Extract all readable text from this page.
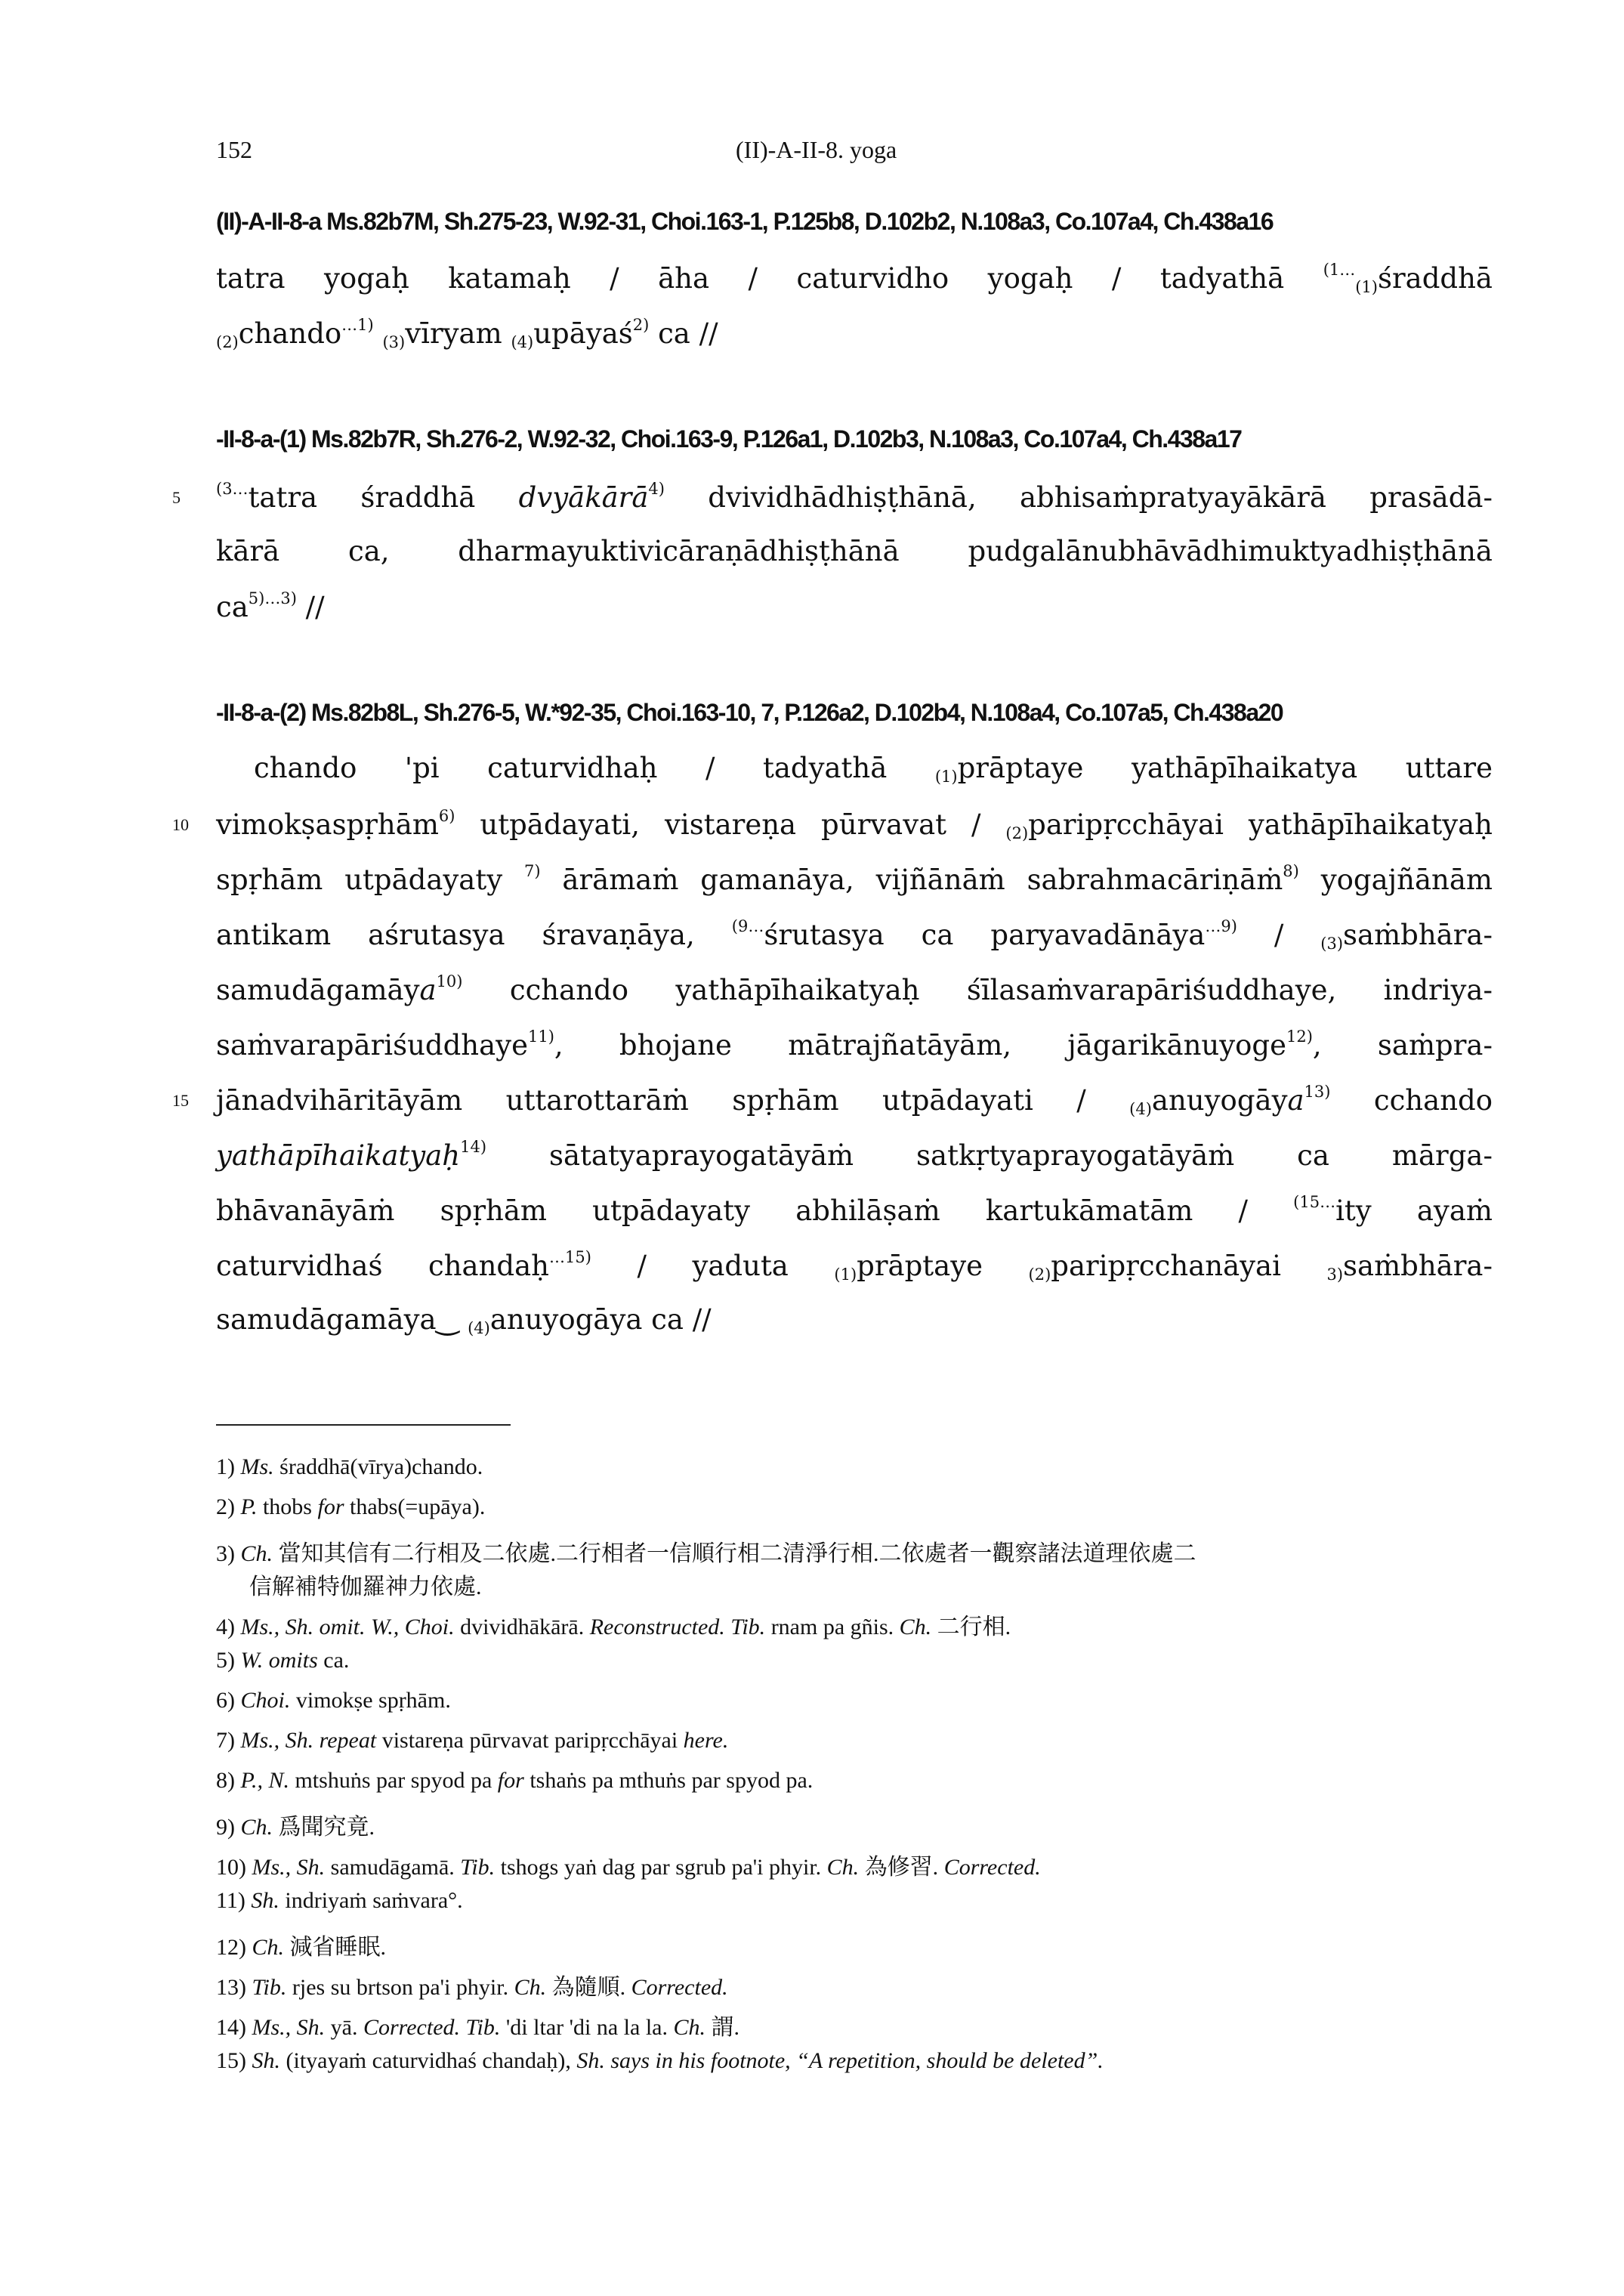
152	(II)-A-II-8. yoga
(II)-A-II-8-a Ms.82b7M, Sh.275-23, W.92-31, Choi.163-1, P.125b8, D.102b2, N.108a3, Co.107a4, Ch.438a16
tatra yogaḥ katamaḥ / āha / caturvidho yogaḥ / tadyathā $^{(1\dots}_{(1)}$śraddhā
$_{(2)}$chando$^{\dots 1)}$ $_{(3)}$vīryam $_{(4)}$upāyaś$^{2)}$ ca //
-II-8-a-(1) Ms.82b7R, Sh.276-2, W.92-32, Choi.163-9, P.126a1, D.102b3, N.108a3, Co.107a4, Ch.438a17
5 $^{(3\dots}$tatra śraddhā dvyākārā$^{4)}$ dvividhādhiṣṭhānā, abhisaṁpratyayākārā prasādā-
kārā ca, dharmayuktivicāraṇādhiṣṭhānā pudgalānubhāvādhimuktyadhiṣṭhānā
$ca^{5)\dots 3)}$ //
-II-8-a-(2) Ms.82b8L, Sh.276-5, W.*92-35, Choi.163-10, 7, P.126a2, D.102b4, N.108a4, Co.107a5, Ch.438a20
chando 'pi caturvidhaḥ / tadyathā $_{(1)}$prāptaye yathāpīhaikatya uttare
10 vimokṣaspṛhām$^{6)}$ utpādayati, vistareṇa pūrvavat / $_{(2)}$paripṛcchāyai yathāpīhaikatyaḥ
spṛhām utpādayaty $^{7)}$ ārāmaṁ gamanāya, vijñānāṁ sabrahmacāriṇāṁ$^{8)}$ yogajñānām
antikam aśrutasya śravaṇāya, $^{(9\dots}$śrutasya ca paryavadānāya$^{\dots 9)}$ / $_{(3)}$saṁbhāra-
samudāgamāya$^{10)}$ cchando yathāpīhaikatyaḥ śīlasaṁvarapāriśuddhaye, indriya-
saṁvarapāriśuddhaye$^{11)}$, bhojane mātrajñatāyām, jāgarikānuyoge$^{12)}$, saṁpra-
15 jānadvihāritāyām uttarottarāṁ spṛhām utpādayati / $_{(4)}$anuyogāya$^{13)}$ cchando
yathāpīhaikatyaḥ$^{14)}$ sātatyaprayogatāyāṁ satkṛtyaprayogatāyāṁ ca mārga-
bhāvanāyāṁ spṛhām utpādayaty abhilāṣaṁ kartukāmatām / $^{(15\dots}$ity ayaṁ
caturvidhaś chandaḥ$^{\dots 15)}$ / yaduta $_{(1)}$prāptaye $_{(2)}$paripṛcchanāyai $_{3)}$saṁbhāra-
samudāgamāya‿ $_{(4)}$anuyogāya ca //
1) Ms. śraddhā(vīrya)chando.
2) P. thobs for thabs(=upāya).
3) Ch. 當知其信有二行相及二依處.二行相者一信順行相二清淨行相.二依處者一觀察諸法道理依處二
信解補特伽羅神力依處.
4) Ms., Sh. omit. W., Choi. dvividhākārā. Reconstructed. Tib. rnam pa gñis. Ch. 二行相.
5) W. omits ca.
6) Choi. vimokṣe spṛhām.
7) Ms., Sh. repeat vistareṇa pūrvavat paripṛcchāyai here.
8) P., N. mtshuṅs par spyod pa for tshaṅs pa mthuṅs par spyod pa.
9) Ch. 爲聞究竟.
10) Ms., Sh. samudāgamā. Tib. tshogs yaṅ dag par sgrub pa'i phyir. Ch. 為修習. Corrected.
11) Sh. indriyaṁ saṁvara°.
12) Ch. 減省睡眠.
13) Tib. rjes su brtson pa'i phyir. Ch. 為隨順. Corrected.
14) Ms., Sh. yā. Corrected. Tib. 'di ltar 'di na la la. Ch. 謂.
15) Sh. (ityayaṁ caturvidhaś chandaḥ), Sh. says in his footnote, “A repetition, should be deleted”.
